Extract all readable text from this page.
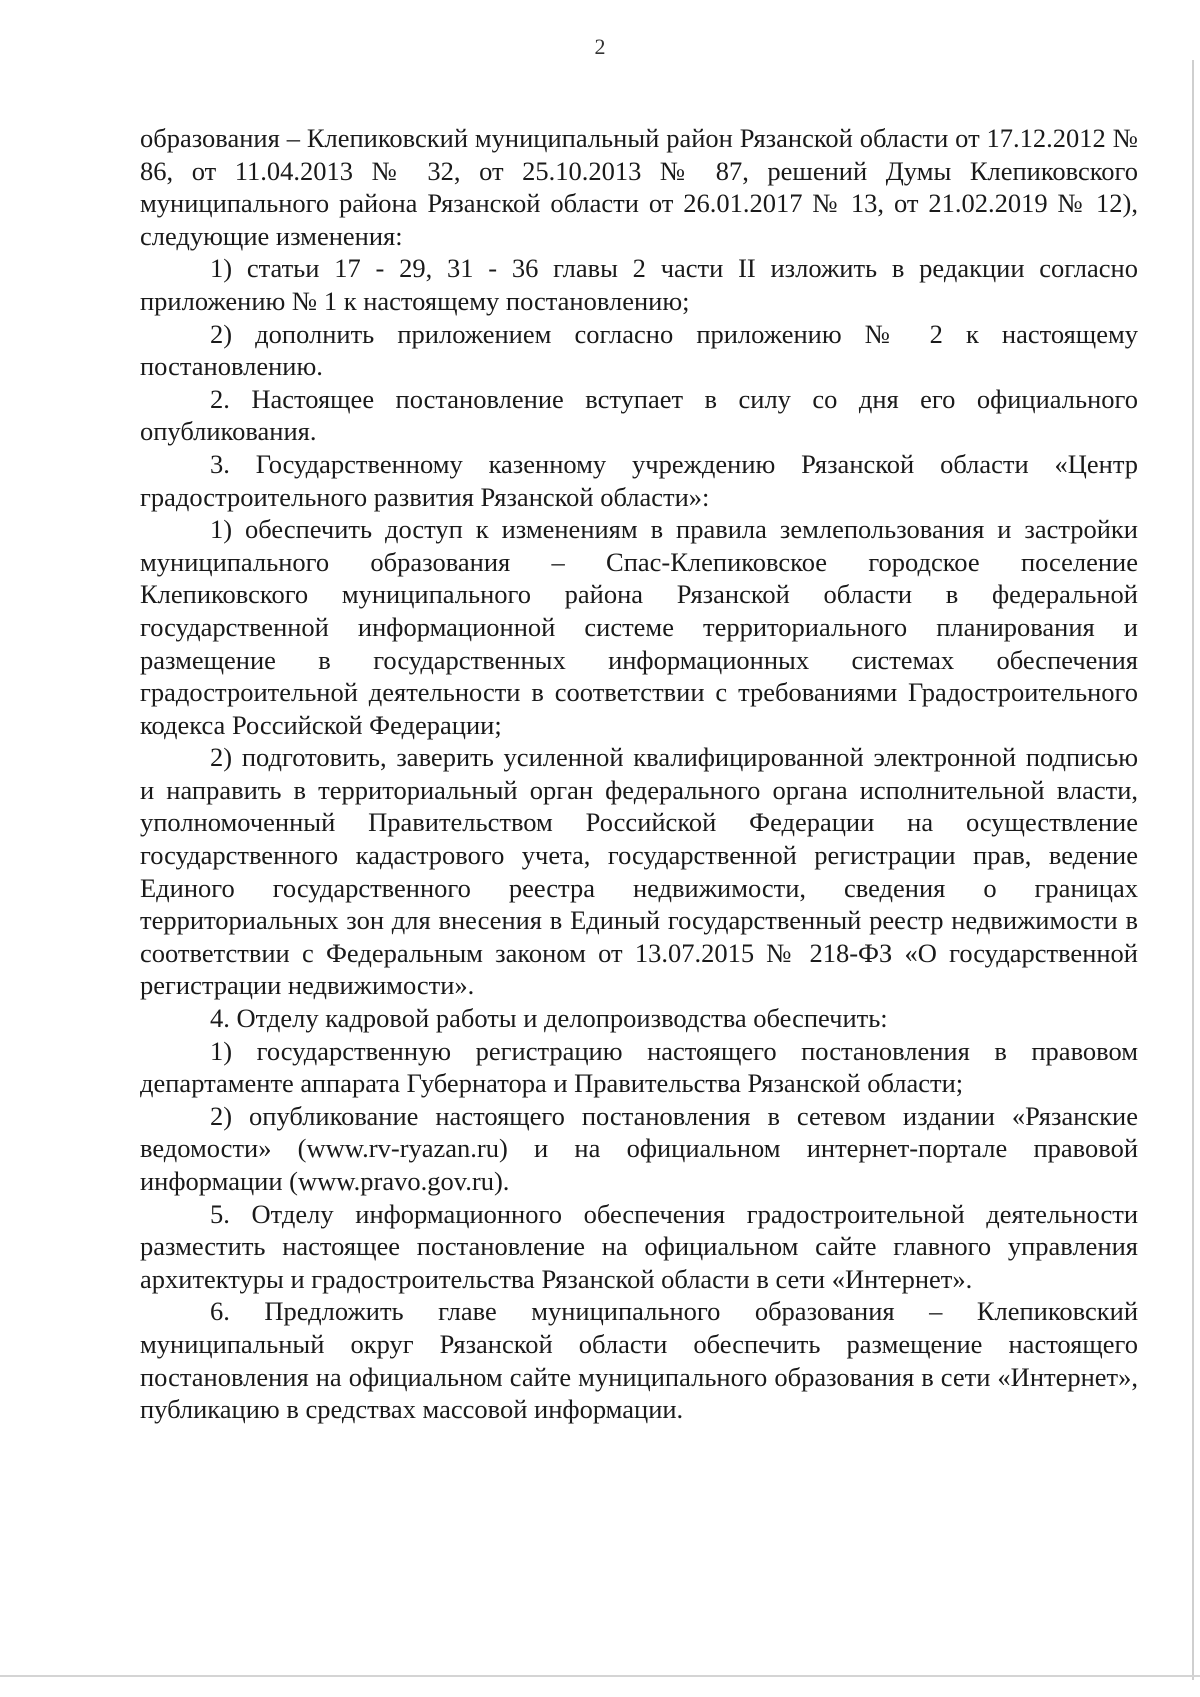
2

образования – Клепиковский муниципальный район Рязанской области от 17.12.2012 № 86, от 11.04.2013 № 32, от 25.10.2013 № 87, решений Думы Клепиковского муниципального района Рязанской области от 26.01.2017 № 13, от 21.02.2019 № 12), следующие изменения:

1) статьи 17 - 29, 31 - 36 главы 2 части II изложить в редакции согласно приложению № 1 к настоящему постановлению;

2) дополнить приложением согласно приложению № 2 к настоящему постановлению.

2. Настоящее постановление вступает в силу со дня его официального опубликования.

3. Государственному казенному учреждению Рязанской области «Центр градостроительного развития Рязанской области»:

1) обеспечить доступ к изменениям в правила землепользования и застройки муниципального образования – Спас-Клепиковское городское поселение Клепиковского муниципального района Рязанской области в федеральной государственной информационной системе территориального планирования и размещение в государственных информационных системах обеспечения градостроительной деятельности в соответствии с требованиями Градостроительного кодекса Российской Федерации;

2) подготовить, заверить усиленной квалифицированной электронной подписью и направить в территориальный орган федерального органа исполнительной власти, уполномоченный Правительством Российской Федерации на осуществление государственного кадастрового учета, государственной регистрации прав, ведение Единого государственного реестра недвижимости, сведения о границах территориальных зон для внесения в Единый государственный реестр недвижимости в соответствии с Федеральным законом от 13.07.2015 № 218-ФЗ «О государственной регистрации недвижимости».

4. Отделу кадровой работы и делопроизводства обеспечить:

1) государственную регистрацию настоящего постановления в правовом департаменте аппарата Губернатора и Правительства Рязанской области;

2) опубликование настоящего постановления в сетевом издании «Рязанские ведомости» (www.rv-ryazan.ru) и на официальном интернет-портале правовой информации (www.pravo.gov.ru).

5. Отделу информационного обеспечения градостроительной деятельности разместить настоящее постановление на официальном сайте главного управления архитектуры и градостроительства Рязанской области в сети «Интернет».

6. Предложить главе муниципального образования – Клепиковский муниципальный округ Рязанской области обеспечить размещение настоящего постановления на официальном сайте муниципального образования в сети «Интернет», публикацию в средствах массовой информации.
